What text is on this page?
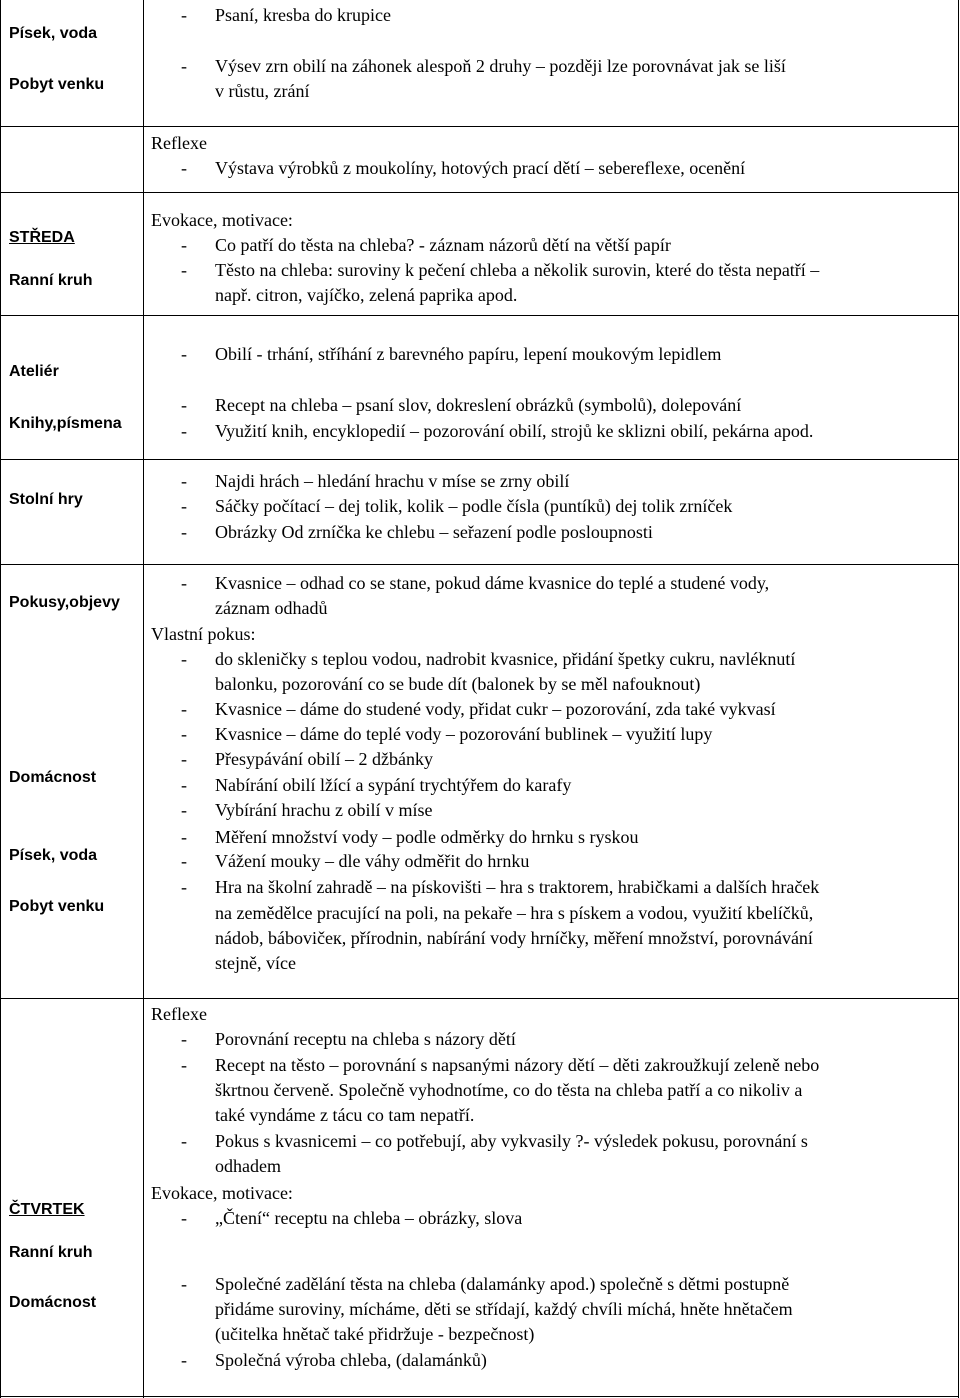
Písek, voda
Pobyt venku
STŘEDA
Ranní kruh
Ateliér
Knihy,písmena
Stolní hry
Pokusy,objevy
Domácnost
Písek, voda
Pobyt venku
ČTVRTEK
Ranní kruh
Domácnost
- Psaní, kresba do krupice
- Výsev zrn obilí na záhonek alespoň 2 druhy – později lze porovnávat jak se liší
v růstu, zrání
Reflexe
- Výstava výrobků z moukolíny, hotových prací dětí – sebereflexe, ocenění
Evokace, motivace:
- Co patří do těsta na chleba? - záznam názorů dětí na větší papír
- Těsto na chleba: suroviny k pečení chleba a několik surovin, které do těsta nepatří –
např. citron, vajíčko, zelená paprika apod.
- Obilí - trhání, stříhání z barevného papíru, lepení moukovým lepidlem
- Recept na chleba – psaní slov, dokreslení obrázků (symbolů), dolepování
- Využití knih, encyklopedií – pozorování obilí, strojů ke sklizni obilí, pekárna apod.
- Najdi hrách – hledání hrachu v míse se zrny obilí
- Sáčky počítací – dej tolik, kolik – podle čísla (puntíků) dej tolik zrníček
- Obrázky Od zrníčka ke chlebu – seřazení podle posloupnosti
- Kvasnice – odhad co se stane, pokud dáme kvasnice do teplé a studené vody,
záznam odhadů
Vlastní pokus:
- do skleničky s teplou vodou, nadrobit kvasnice, přidání špetky cukru, navléknutí
balonku, pozorování co se bude dít (balonek by se měl nafouknout)
- Kvasnice – dáme do studené vody, přidat cukr – pozorování, zda také vykvasí
- Kvasnice – dáme do teplé vody – pozorování bublinek – využití lupy
- Přesypávání obilí – 2 džbánky
- Nabírání obilí lžící a sypání trychtýřem do karafy
- Vybírání hrachu z obilí v míse
- Měření množství vody – podle odměrky do hrnku s ryskou
- Vážení mouky – dle váhy odměřit do hrnku
- Hra na školní zahradě – na pískovišti – hra s traktorem, hrabičkami a dalších hraček
na zemědělce pracující na poli, na pekaře – hra s pískem a vodou, využití kbelíčků,
nádob, bábovičeк, přírodnin, nabírání vody hrníčky, měření množství, porovnávání
stejně, více
Reflexe
- Porovnání receptu na chleba s názory dětí
- Recept na těsto – porovnání s napsanými názory dětí – děti zakroužkují zeleně nebo
škrtnou červeně. Společně vyhodnotíme, co do těsta na chleba patří a co nikoliv a
také vyndáme z tácu co tam nepatří.
- Pokus s kvasnicemi – co potřebují, aby vykvasily ?- výsledek pokusu, porovnání s
odhadem
Evokace, motivace:
- „Čtení“ receptu na chleba – obrázky, slova
- Společné zadělání těsta na chleba (dalamánky apod.) společně s dětmi postupně
přidáme suroviny, mícháme, děti se střídají, každý chvíli míchá, hněte hnětačem
(učitelka hnětač také přidržuje - bezpečnost)
- Společná výroba chleba, (dalamánků)
